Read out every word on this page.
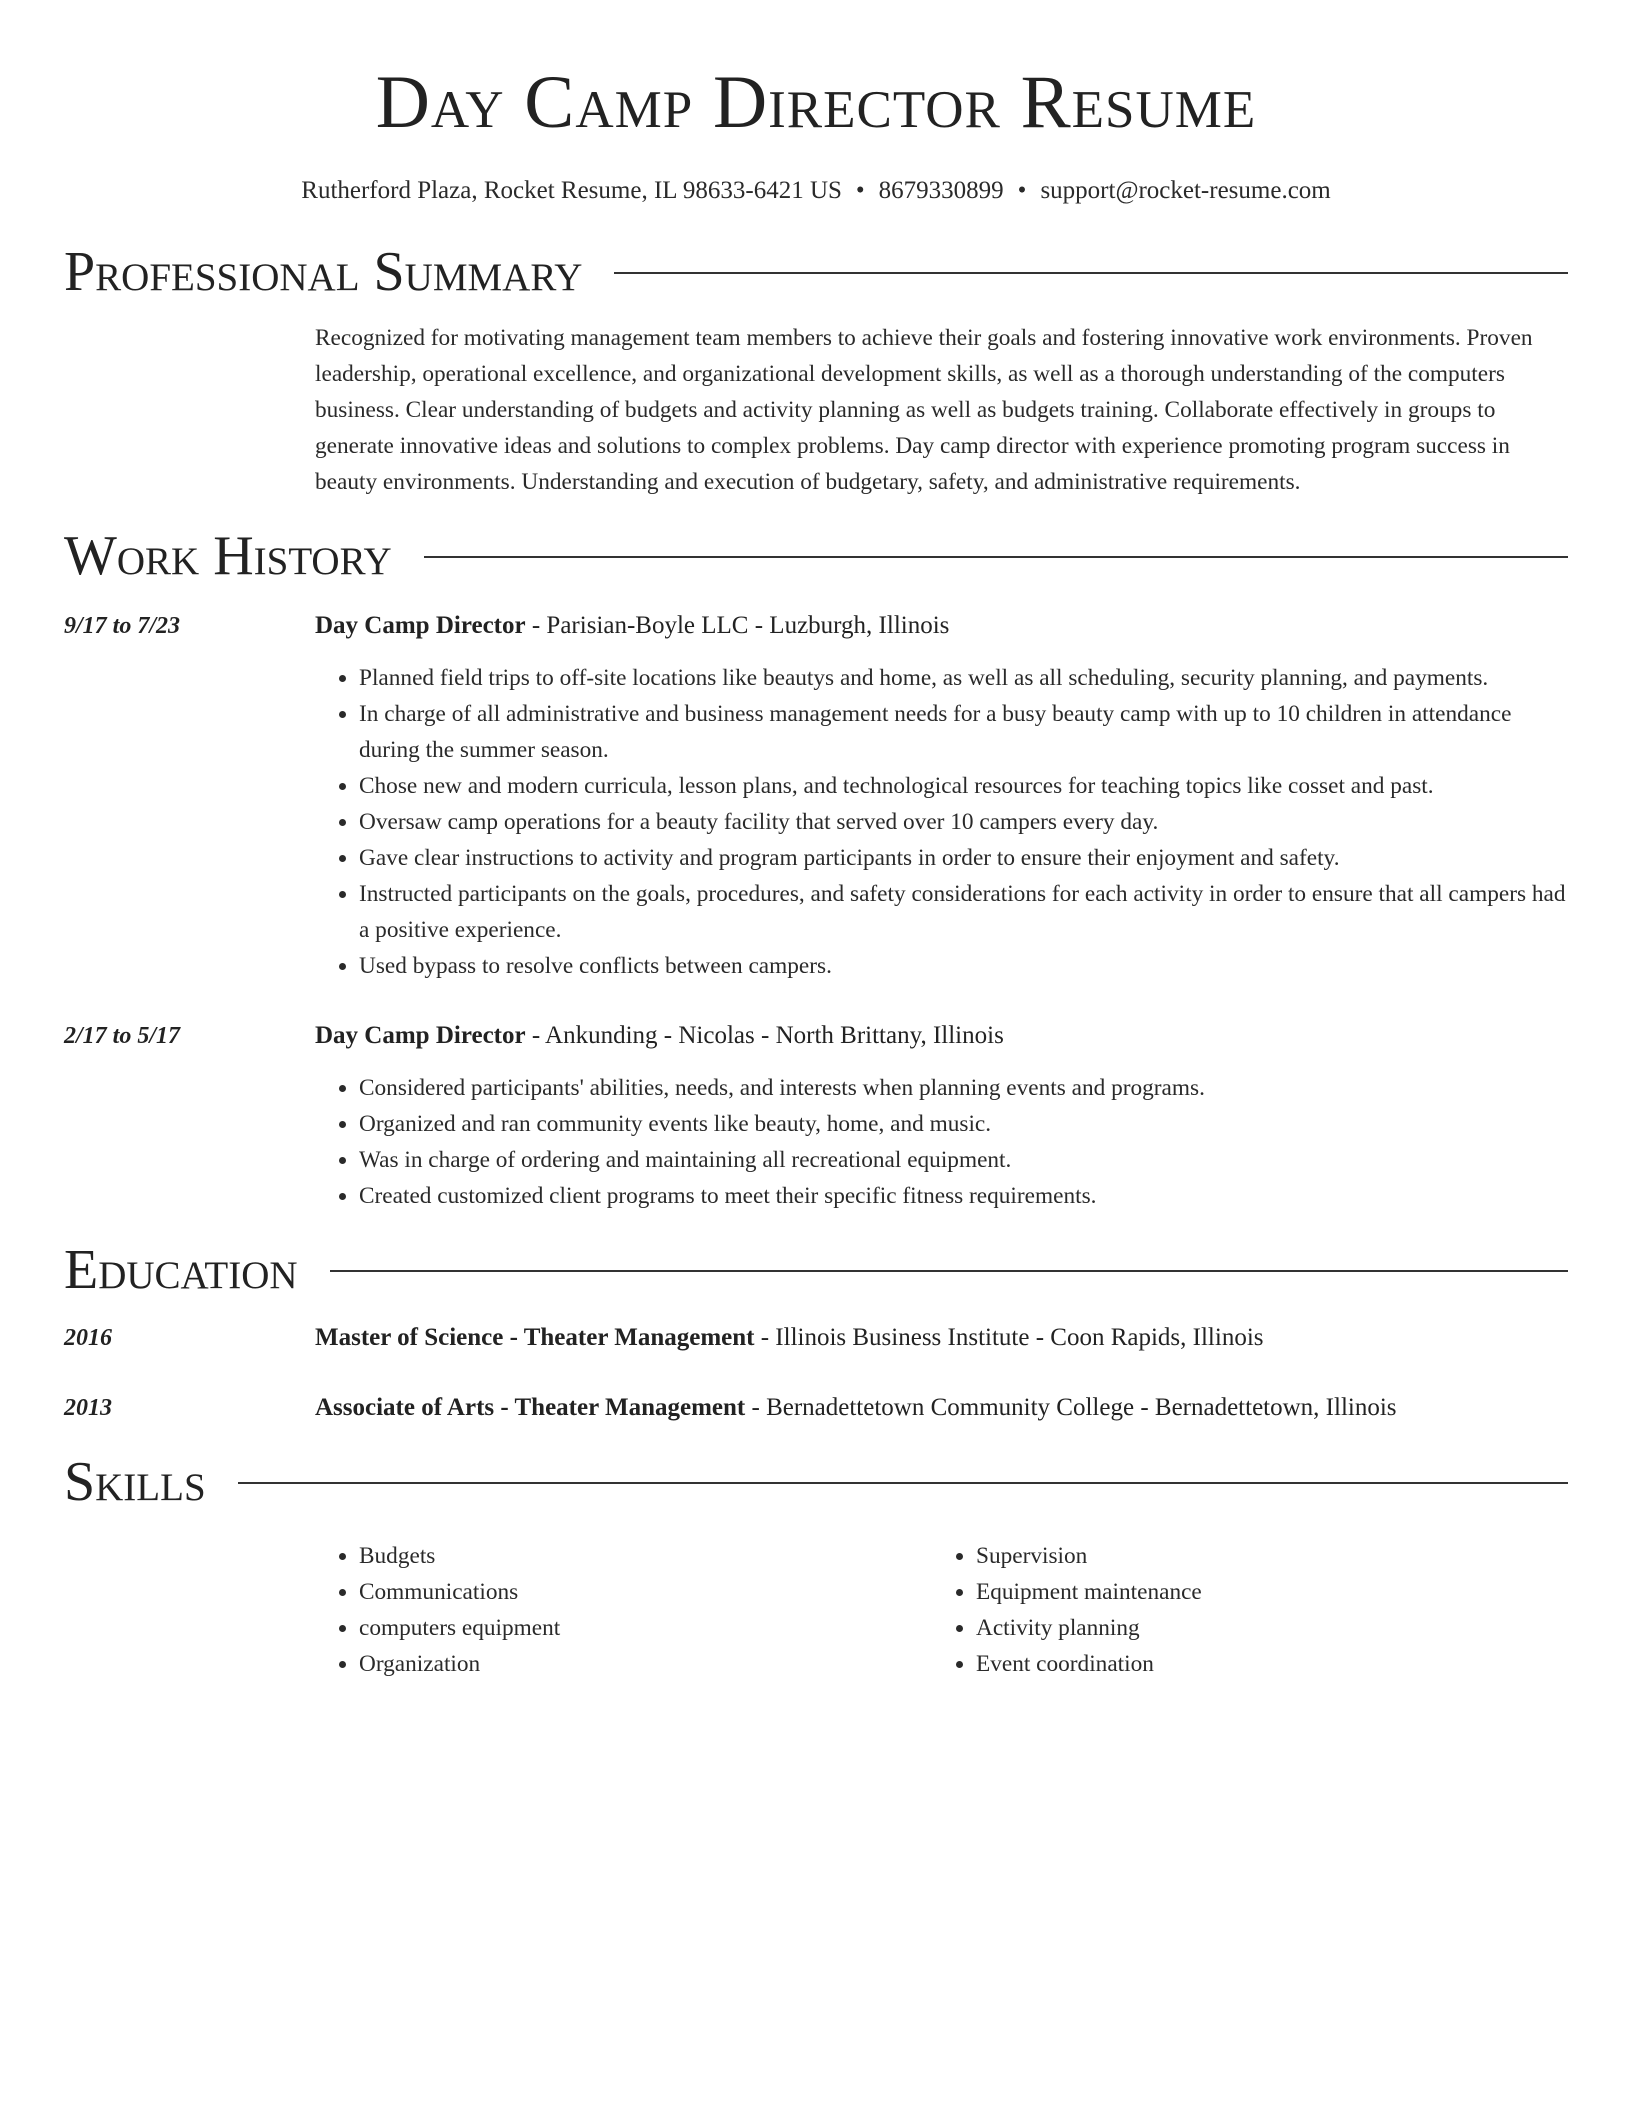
Day Camp Director Resume
Rutherford Plaza, Rocket Resume, IL 98633-6421 US • 8679330899 • support@rocket-resume.com
Professional Summary
Recognized for motivating management team members to achieve their goals and fostering innovative work environments. Proven leadership, operational excellence, and organizational development skills, as well as a thorough understanding of the computers business. Clear understanding of budgets and activity planning as well as budgets training. Collaborate effectively in groups to generate innovative ideas and solutions to complex problems. Day camp director with experience promoting program success in beauty environments. Understanding and execution of budgetary, safety, and administrative requirements.
Work History
9/17 to 7/23	Day Camp Director - Parisian-Boyle LLC - Luzburgh, Illinois
• Planned field trips to off-site locations like beautys and home, as well as all scheduling, security planning, and payments.
• In charge of all administrative and business management needs for a busy beauty camp with up to 10 children in attendance during the summer season.
• Chose new and modern curricula, lesson plans, and technological resources for teaching topics like cosset and past.
• Oversaw camp operations for a beauty facility that served over 10 campers every day.
• Gave clear instructions to activity and program participants in order to ensure their enjoyment and safety.
• Instructed participants on the goals, procedures, and safety considerations for each activity in order to ensure that all campers had a positive experience.
• Used bypass to resolve conflicts between campers.
2/17 to 5/17	Day Camp Director - Ankunding - Nicolas - North Brittany, Illinois
• Considered participants' abilities, needs, and interests when planning events and programs.
• Organized and ran community events like beauty, home, and music.
• Was in charge of ordering and maintaining all recreational equipment.
• Created customized client programs to meet their specific fitness requirements.
Education
2016	Master of Science - Theater Management - Illinois Business Institute - Coon Rapids, Illinois
2013	Associate of Arts - Theater Management - Bernadettetown Community College - Bernadettetown, Illinois
Skills
• Budgets
• Communications
• computers equipment
• Organization
• Supervision
• Equipment maintenance
• Activity planning
• Event coordination
